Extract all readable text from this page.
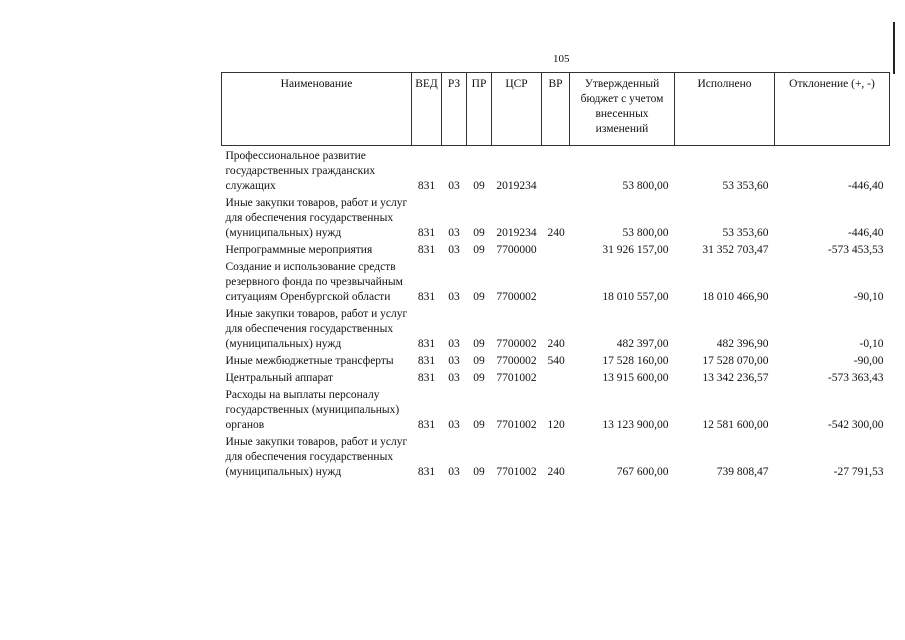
105
Наименование	ВЕД	РЗ	ПР	ЦСР	ВР	Утвержденный бюджет с учетом внесенных изменений	Исполнено	Отклонение (+, -)
Профессиональное развитие государственных гражданских служащих	831	03	09	2019234		53 800,00	53 353,60	-446,40
Иные закупки товаров, работ и услуг для обеспечения государственных (муниципальных) нужд	831	03	09	2019234	240	53 800,00	53 353,60	-446,40
Непрограммные мероприятия	831	03	09	7700000		31 926 157,00	31 352 703,47	-573 453,53
Создание и использование средств резервного фонда по чрезвычайным ситуациям Оренбургской области	831	03	09	7700002		18 010 557,00	18 010 466,90	-90,10
Иные закупки товаров, работ и услуг для обеспечения государственных (муниципальных) нужд	831	03	09	7700002	240	482 397,00	482 396,90	-0,10
Иные межбюджетные трансферты	831	03	09	7700002	540	17 528 160,00	17 528 070,00	-90,00
Центральный аппарат	831	03	09	7701002		13 915 600,00	13 342 236,57	-573 363,43
Расходы на выплаты персоналу государственных (муниципальных) органов	831	03	09	7701002	120	13 123 900,00	12 581 600,00	-542 300,00
Иные закупки товаров, работ и услуг для обеспечения государственных (муниципальных) нужд	831	03	09	7701002	240	767 600,00	739 808,47	-27 791,53
